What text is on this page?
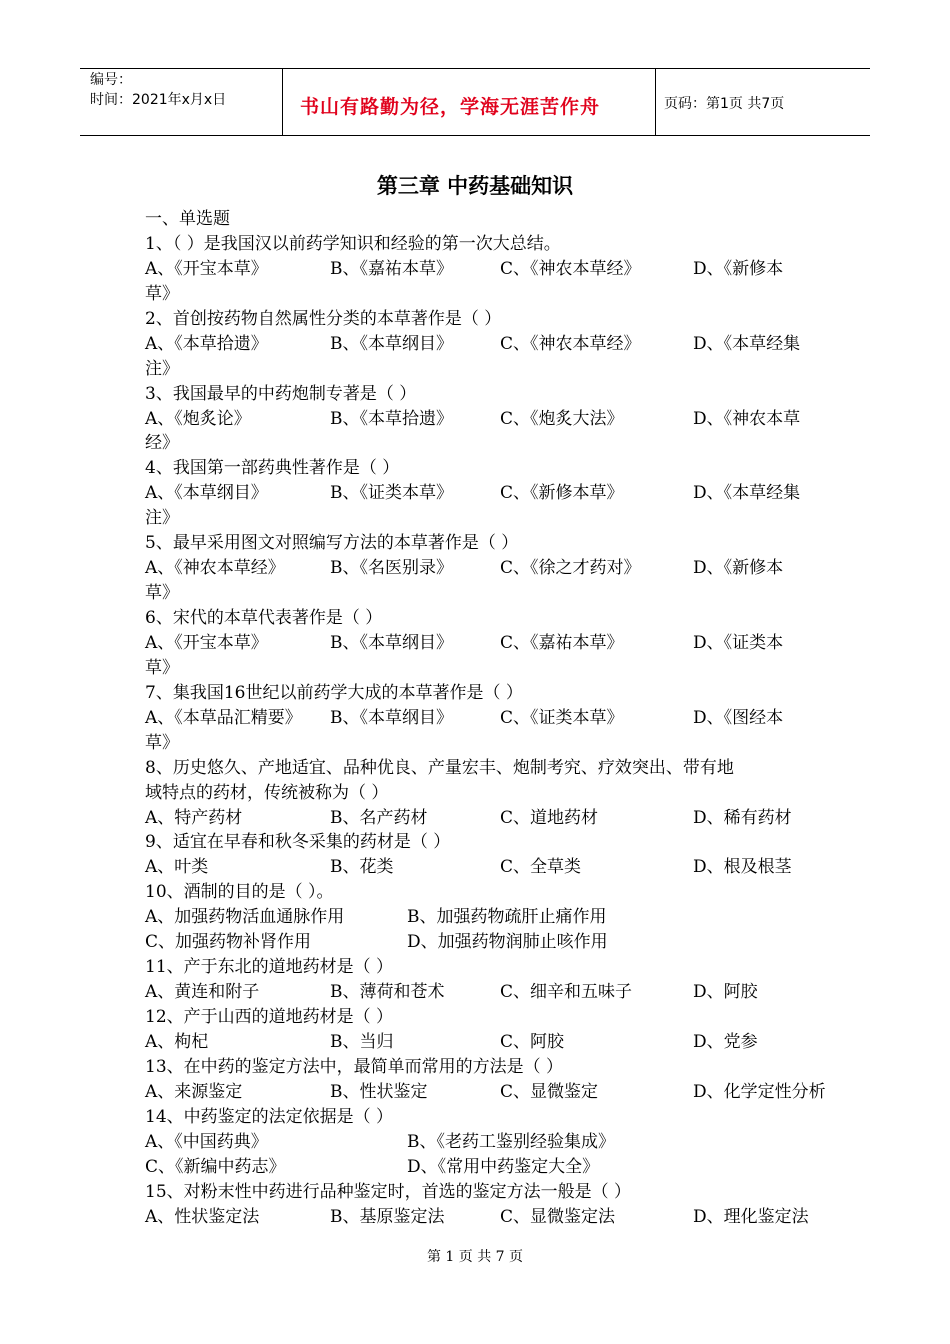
编号：
时间：2021年x月x日	书山有路勤为径，学海无涯苦作舟	页码：第1页 共7页
第三章 中药基础知识
一、单选题
1、（ ）是我国汉以前药学知识和经验的第一次大总结。
A、《开宝本草》	B、《嘉祐本草》	C、《神农本草经》	D、《新修本
草》
2、首创按药物自然属性分类的本草著作是（ ）
A、《本草拾遗》	B、《本草纲目》	C、《神农本草经》	D、《本草经集
注》
3、我国最早的中药炮制专著是（ ）
A、《炮炙论》	B、《本草拾遗》	C、《炮炙大法》	D、《神农本草
经》
4、我国第一部药典性著作是（ ）
A、《本草纲目》	B、《证类本草》	C、《新修本草》	D、《本草经集
注》
5、最早采用图文对照编写方法的本草著作是（ ）
A、《神农本草经》	B、《名医别录》	C、《徐之才药对》	D、《新修本
草》
6、宋代的本草代表著作是（ ）
A、《开宝本草》	B、《本草纲目》	C、《嘉祐本草》	D、《证类本
草》
7、集我国16世纪以前药学大成的本草著作是（ ）
A、《本草品汇精要》 B、《本草纲目》	C、《证类本草》	D、《图经本
草》
8、历史悠久、产地适宜、品种优良、产量宏丰、炮制考究、疗效突出、带有地
域特点的药材，传统被称为（ ）
A、特产药材	B、名产药材	C、道地药材	D、稀有药材
9、适宜在早春和秋冬采集的药材是（ ）
A、叶类	B、花类	C、全草类	D、根及根茎
10、酒制的目的是（ ）。
A、加强药物活血通脉作用	B、加强药物疏肝止痛作用
C、加强药物补肾作用	D、加强药物润肺止咳作用
11、产于东北的道地药材是（ ）
A、黄连和附子	B、薄荷和苍术	C、细辛和五味子	D、阿胶
12、产于山西的道地药材是（ ）
A、枸杞	B、当归	C、阿胶	D、党参
13、在中药的鉴定方法中，最简单而常用的方法是（ ）
A、来源鉴定	B、性状鉴定	C、显微鉴定	D、化学定性分析
14、中药鉴定的法定依据是（ ）
A、《中国药典》	B、《老药工鉴别经验集成》
C、《新编中药志》	D、《常用中药鉴定大全》
15、对粉末性中药进行品种鉴定时，首选的鉴定方法一般是（ ）
A、性状鉴定法	B、基原鉴定法	C、显微鉴定法	D、理化鉴定法
第 1 页 共 7 页
